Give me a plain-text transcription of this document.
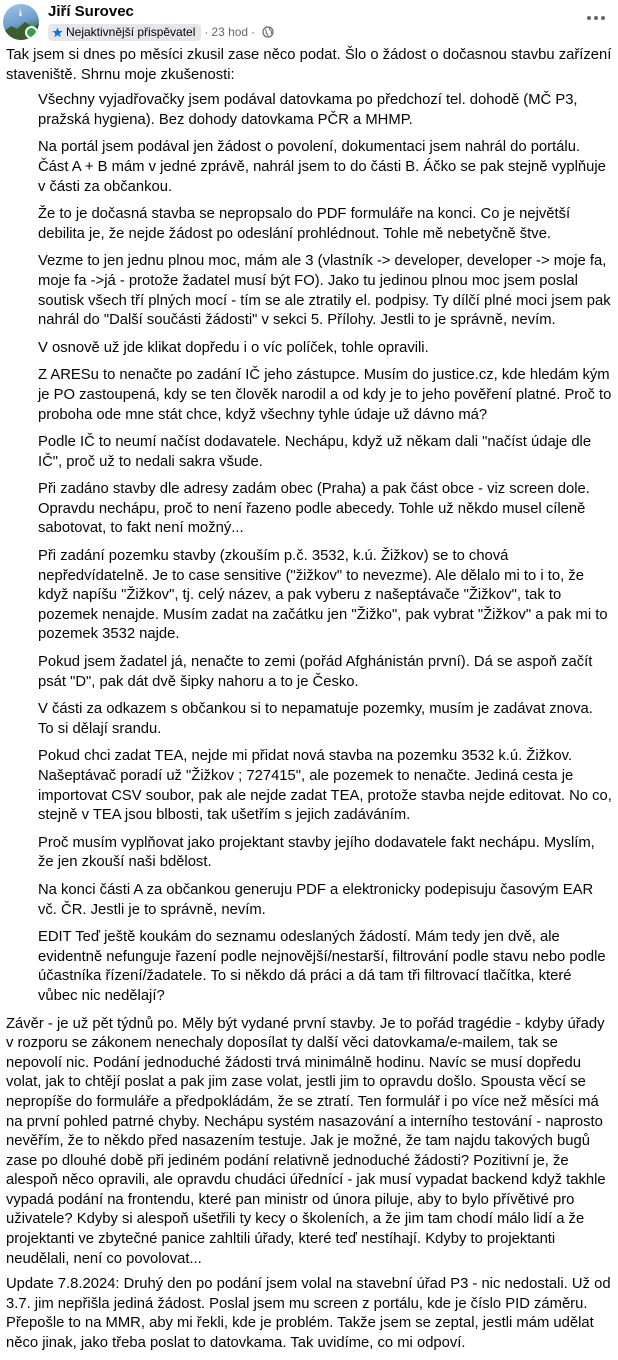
Jiří Surovec
Nejaktivnější přispěvatel · 23 hod ·

Tak jsem si dnes po měsíci zkusil zase něco podat. Šlo o žádost o dočasnou stavbu zařízení staveniště. Shrnu moje zkušenosti:

Všechny vyjadřovačky jsem podával datovkama po předchozí tel. dohodě (MČ P3, pražská hygiena). Bez dohody datovkama PČR a MHMP.

Na portál jsem podával jen žádost o povolení, dokumentaci jsem nahrál do portálu. Část A + B mám v jedné zprávě, nahrál jsem to do části B. Áčko se pak stejně vyplňuje v části za občankou.

Že to je dočasná stavba se nepropsalo do PDF formuláře na konci. Co je největší debilita je, že nejde žádost po odeslání prohlédnout. Tohle mě nebetyčně štve.

Vezme to jen jednu plnou moc, mám ale 3 (vlastník -> developer, developer -> moje fa, moje fa ->já - protože žadatel musí být FO). Jako tu jedinou plnou moc jsem poslal soutisk všech tří plných mocí - tím se ale ztratily el. podpisy. Ty dílčí plné moci jsem pak nahrál do "Další součásti žádosti" v sekci 5. Přílohy. Jestli to je správně, nevím.

V osnově už jde klikat dopředu i o víc políček, tohle opravili.

Z ARESu to nenačte po zadání IČ jeho zástupce. Musím do justice.cz, kde hledám kým je PO zastoupená, kdy se ten člověk narodil a od kdy je to jeho pověření platné. Proč to proboha ode mne stát chce, když všechny tyhle údaje už dávno má?

Podle IČ to neumí načíst dodavatele. Nechápu, když už někam dali "načíst údaje dle IČ", proč už to nedali sakra všude.

Při zadáno stavby dle adresy zadám obec (Praha) a pak část obce - viz screen dole. Opravdu nechápu, proč to není řazeno podle abecedy. Tohle už někdo musel cíleně sabotovat, to fakt není možný...

Při zadání pozemku stavby (zkouším p.č. 3532, k.ú. Žižkov) se to chová nepředvídatelně. Je to case sensitive ("žižkov" to nevezme). Ale dělalo mi to i to, že když napíšu "Žižkov", tj. celý název, a pak vyberu z našeptávače "Žižkov", tak to pozemek nenajde. Musím zadat na začátku jen "Žižko", pak vybrat "Žižkov" a pak mi to pozemek 3532 najde.

Pokud jsem žadatel já, nenačte to zemi (pořád Afghánistán první). Dá se aspoň začít psát "D", pak dát dvě šipky nahoru a to je Česko.

V části za odkazem s občankou si to nepamatuje pozemky, musím je zadávat znova. To si dělají srandu.

Pokud chci zadat TEA, nejde mi přidat nová stavba na pozemku 3532 k.ú. Žižkov. Našeptávač poradí už "Žižkov ; 727415", ale pozemek to nenačte. Jediná cesta je importovat CSV soubor, pak ale nejde zadat TEA, protože stavba nejde editovat. No co, stejně v TEA jsou blbosti, tak ušetřím s jejich zadáváním.

Proč musím vyplňovat jako projektant stavby jejího dodavatele fakt nechápu. Myslím, že jen zkouší naši bdělost.

Na konci části A za občankou generuju PDF a elektronicky podepisuju časovým EAR vč. ČR. Jestli je to správně, nevím.

EDIT Teď ještě koukám do seznamu odeslaných žádostí. Mám tedy jen dvě, ale evidentně nefunguje řazení podle nejnovější/nestarší, filtrování podle stavu nebo podle účastníka řízení/žadatele. To si někdo dá práci a dá tam tři filtrovací tlačítka, které vůbec nic nedělají?

Závěr - je už pět týdnů po. Měly být vydané první stavby. Je to pořád tragédie - kdyby úřady v rozporu se zákonem nenechaly doposílat ty další věci datovkama/e-mailem, tak se nepovolí nic. Podání jednoduché žádosti trvá minimálně hodinu. Navíc se musí dopředu volat, jak to chtějí poslat a pak jim zase volat, jestli jim to opravdu došlo. Spousta věcí se nepropíše do formuláře a předpokládám, že se ztratí. Ten formulář i po více než měsíci má na první pohled patrné chyby. Nechápu systém nasazování a interního testování - naprosto nevěřím, že to někdo před nasazením testuje. Jak je možné, že tam najdu takových bugů zase po dlouhé době při jediném podání relativně jednoduché žádosti? Pozitivní je, že alespoň něco opravili, ale opravdu chudáci úřednící - jak musí vypadat backend když takhle vypadá podání na frontendu, které pan ministr od února piluje, aby to bylo přívětivé pro uživatele? Kdyby si alespoň ušetřili ty kecy o školeních, a že jim tam chodí málo lidí a že projektanti ve zbytečné panice zahltili úřady, které teď nestíhají. Kdyby to projektanti neudělali, není co povolovat...

Update 7.8.2024: Druhý den po podání jsem volal na stavební úřad P3 - nic nedostali. Už od 3.7. jim nepřišla jediná žádost. Poslal jsem mu screen z portálu, kde je číslo PID záměru. Přepošle to na MMR, aby mi řekli, kde je problém. Takže jsem se zeptal, jestli mám udělat něco jinak, jako třeba poslat to datovkama. Tak uvidíme, co mi odpoví.
